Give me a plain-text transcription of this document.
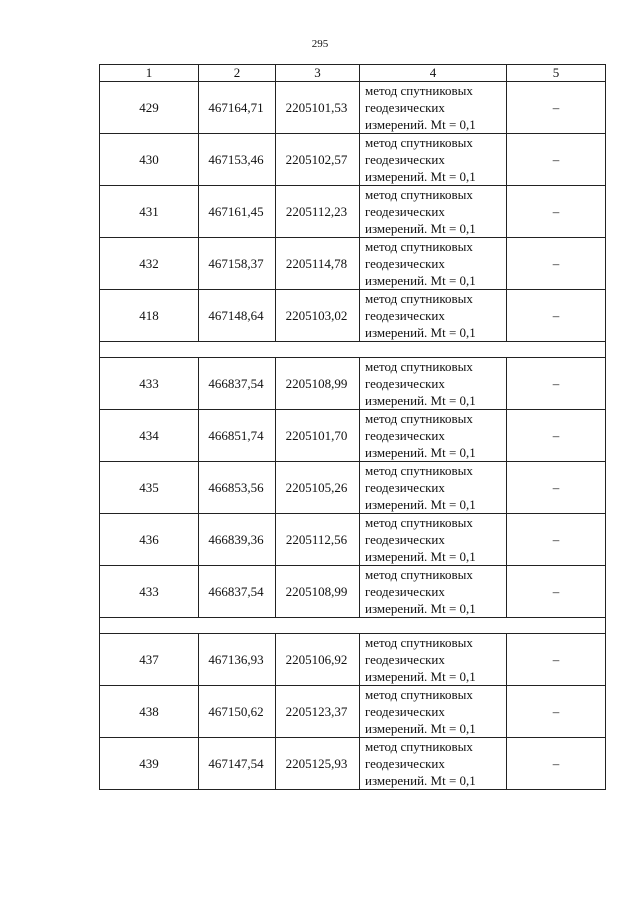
295
1	2	3	4	5
429	467164,71	2205101,53	метод спутниковых
геодезических
измерений. Mt = 0,1	–
430	467153,46	2205102,57	метод спутниковых
геодезических
измерений. Mt = 0,1	–
431	467161,45	2205112,23	метод спутниковых
геодезических
измерений. Mt = 0,1	–
432	467158,37	2205114,78	метод спутниковых
геодезических
измерений. Mt = 0,1	–
418	467148,64	2205103,02	метод спутниковых
геодезических
измерений. Mt = 0,1	–

433	466837,54	2205108,99	метод спутниковых
геодезических
измерений. Mt = 0,1	–
434	466851,74	2205101,70	метод спутниковых
геодезических
измерений. Mt = 0,1	–
435	466853,56	2205105,26	метод спутниковых
геодезических
измерений. Mt = 0,1	–
436	466839,36	2205112,56	метод спутниковых
геодезических
измерений. Mt = 0,1	–
433	466837,54	2205108,99	метод спутниковых
геодезических
измерений. Mt = 0,1	–

437	467136,93	2205106,92	метод спутниковых
геодезических
измерений. Mt = 0,1	–
438	467150,62	2205123,37	метод спутниковых
геодезических
измерений. Mt = 0,1	–
439	467147,54	2205125,93	метод спутниковых
геодезических
измерений. Mt = 0,1	–
